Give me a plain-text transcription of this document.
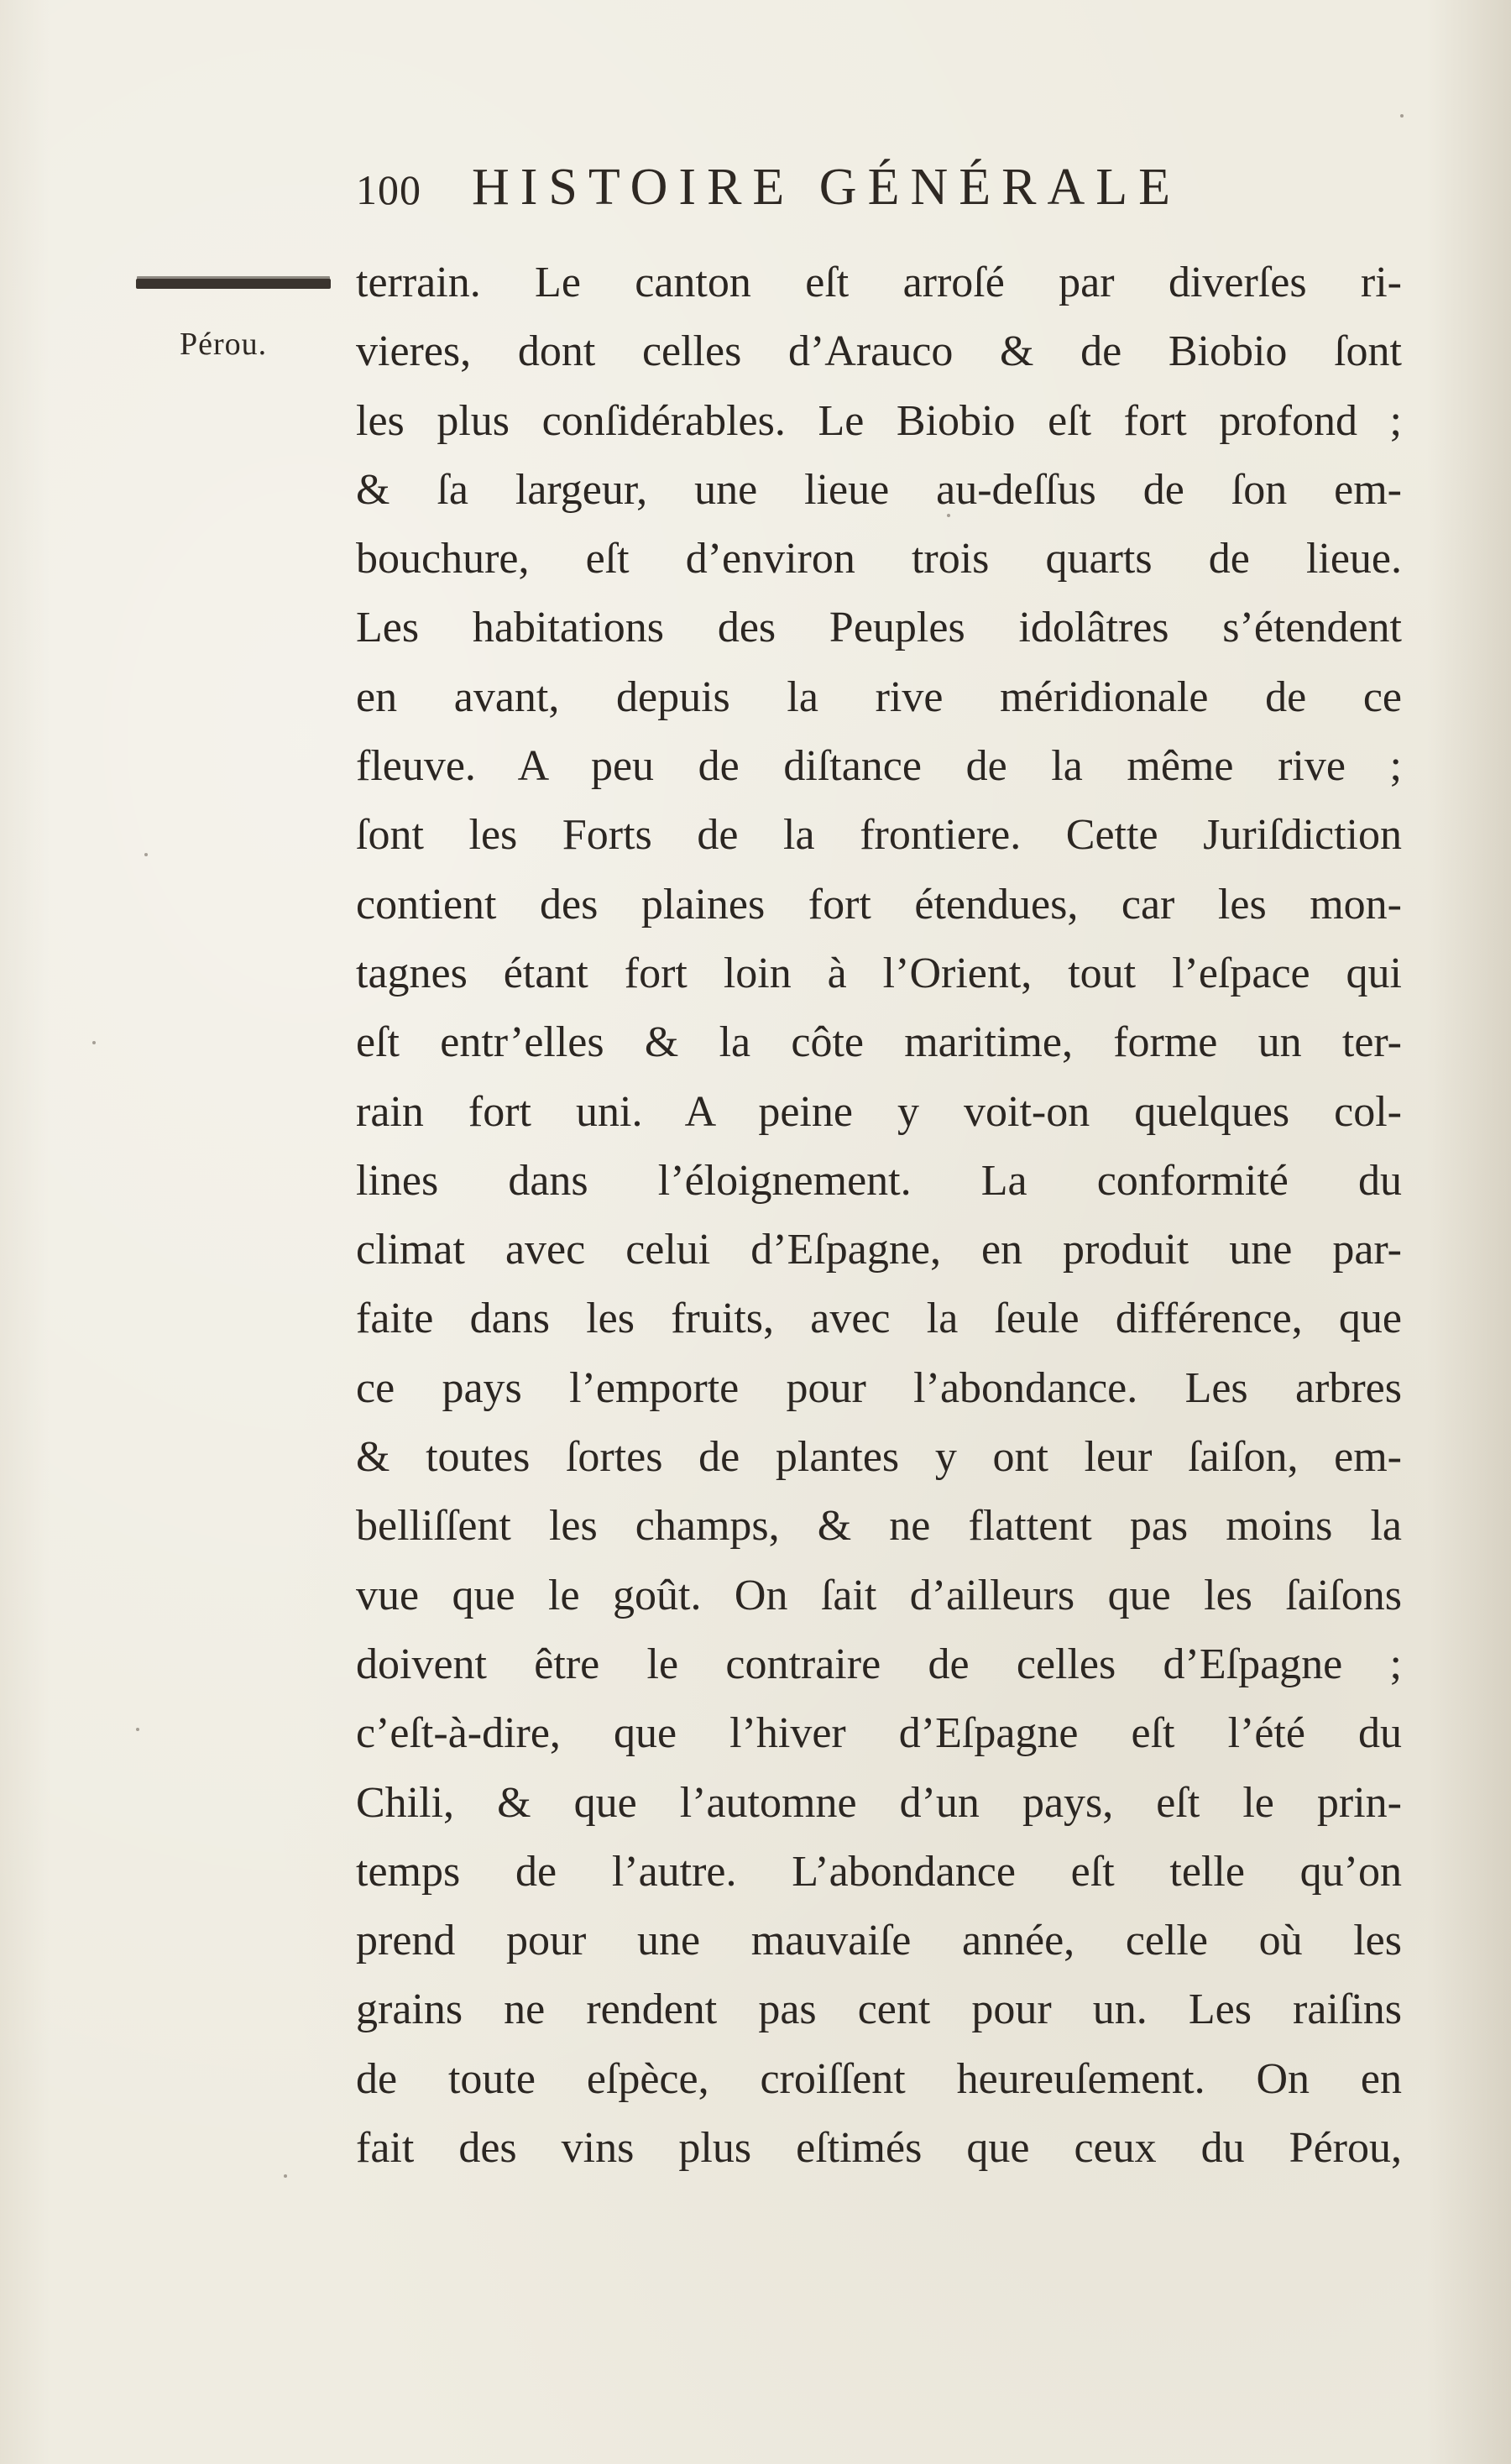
100 HISTOIRE GÉNÉRALE
Pérou.
terrain. Le canton eſt arroſé par diverſes ri-
vieres, dont celles d’Arauco & de Biobio ſont
les plus conſidérables. Le Biobio eſt fort profond ;
& ſa largeur, une lieue au-deſſus de ſon em-
bouchure, eſt d’environ trois quarts de lieue.
Les habitations des Peuples idolâtres s’étendent
en avant, depuis la rive méridionale de ce
fleuve. A peu de diſtance de la même rive ;
ſont les Forts de la frontiere. Cette Juriſdiction
contient des plaines fort étendues, car les mon-
tagnes étant fort loin à l’Orient, tout l’eſpace qui
eſt entr’elles & la côte maritime, forme un ter-
rain fort uni. A peine y voit-on quelques col-
lines dans l’éloignement. La conformité du
climat avec celui d’Eſpagne, en produit une par-
faite dans les fruits, avec la ſeule différence, que
ce pays l’emporte pour l’abondance. Les arbres
& toutes ſortes de plantes y ont leur ſaiſon, em-
belliſſent les champs, & ne flattent pas moins la
vue que le goût. On ſait d’ailleurs que les ſaiſons
doivent être le contraire de celles d’Eſpagne ;
c’eſt-à-dire, que l’hiver d’Eſpagne eſt l’été du
Chili, & que l’automne d’un pays, eſt le prin-
temps de l’autre. L’abondance eſt telle qu’on
prend pour une mauvaiſe année, celle où les
grains ne rendent pas cent pour un. Les raiſins
de toute eſpèce, croiſſent heureuſement. On en
fait des vins plus eſtimés que ceux du Pérou,
